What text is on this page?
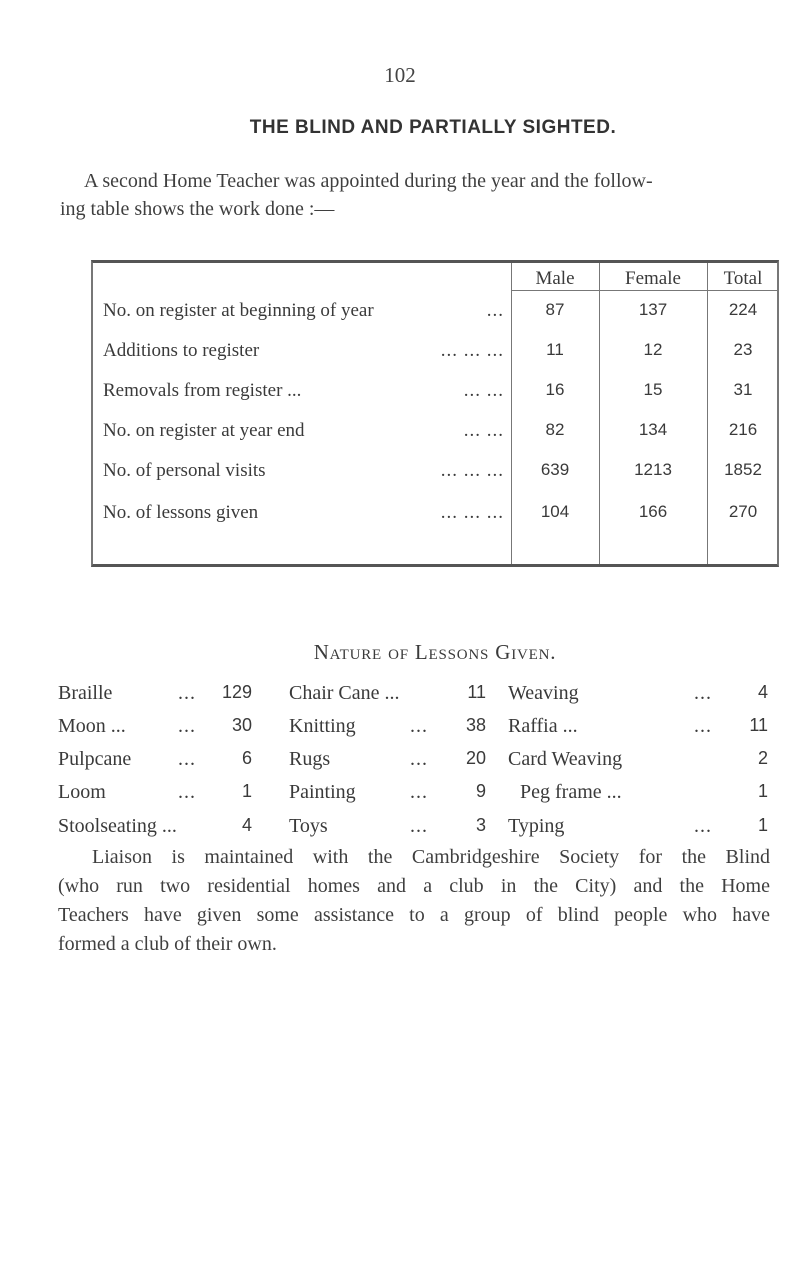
102
THE BLIND AND PARTIALLY SIGHTED.
A second Home Teacher was appointed during the year and the follow-
ing table shows the work done :—
Male	Female	Total
No. on register at beginning of year	...	87	137	224
Additions to register	... ... ...	11	12	23
Removals from register ...	... ...	16	15	31
No. on register at year end	... ...	82	134	216
No. of personal visits	... ... ...	639	1213	1852
No. of lessons given	... ... ...	104	166	270
Nature of Lessons Given.
Braille	...	129 Chair Cane ...	11 Weaving	...	4
Moon ...	...	30 Knitting	...	38 Raffia ...	...	11
Pulpcane ...	6 Rugs	...	20 Card Weaving	2
Loom	...	1 Painting	...	9 Peg frame ...	1
Stoolseating ...	4 Toys	...	3 Typing	...	1
Liaison is maintained with the Cambridgeshire Society for the Blind
(who run two residential homes and a club in the City) and the Home
Teachers have given some assistance to a group of blind people who have
formed a club of their own.
